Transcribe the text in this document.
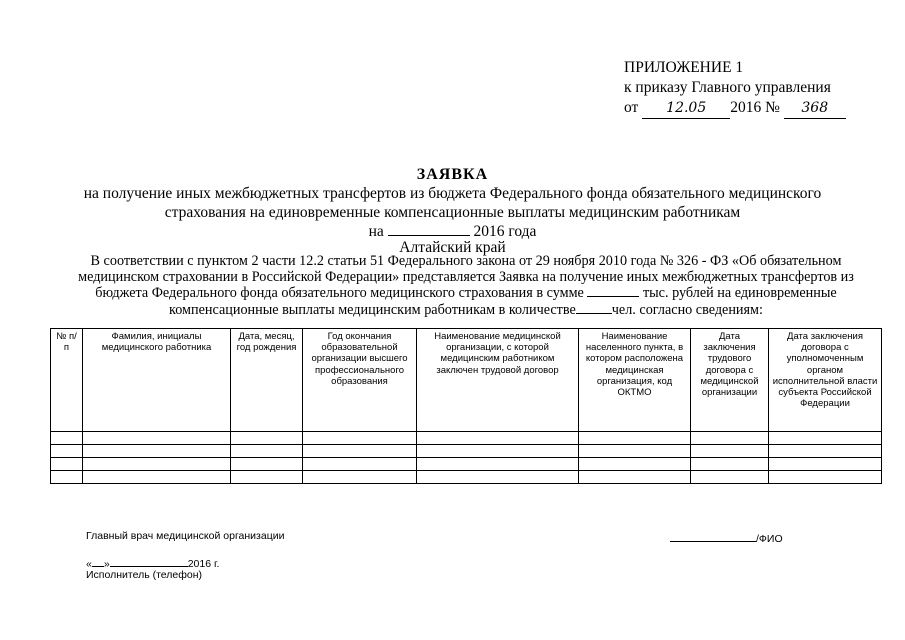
ПРИЛОЖЕНИЕ 1
к приказу Главного управления
от 12.05 2016 № 368
ЗАЯВКА
на получение иных межбюджетных трансфертов из бюджета Федерального фонда обязательного медицинского
страхования на единовременные компенсационные выплаты медицинским работникам
на	2016 года
Алтайский край
В соответствии с пунктом 2 части 12.2 статьи 51 Федерального закона от 29 ноября 2010 года № 326 - ФЗ «Об обязательном медицинском страховании в Российской Федерации» представляется Заявка на получение иных межбюджетных трансфертов из бюджета Федерального фонда обязательного медицинского страхования в сумме	тыс. рублей на единовременные компенсационные выплаты медицинским работникам в количестве	чел. согласно сведениям:
№ п/п	Фамилия, инициалы медицинского работника	Дата, месяц, год рождения	Год окончания образовательной организации высшего профессионального образования	Наименование медицинской организации, с которой медицинским работником заключен трудовой договор	Наименование населенного пункта, в котором расположена медицинская организация, код ОКТМО	Дата заключения трудового договора с медицинской организации	Дата заключения договора с уполномоченным органом исполнительной власти субъекта Российской Федерации

Главный врач медицинской организации	/ФИО
« »	2016 г.
Исполнитель (телефон)
